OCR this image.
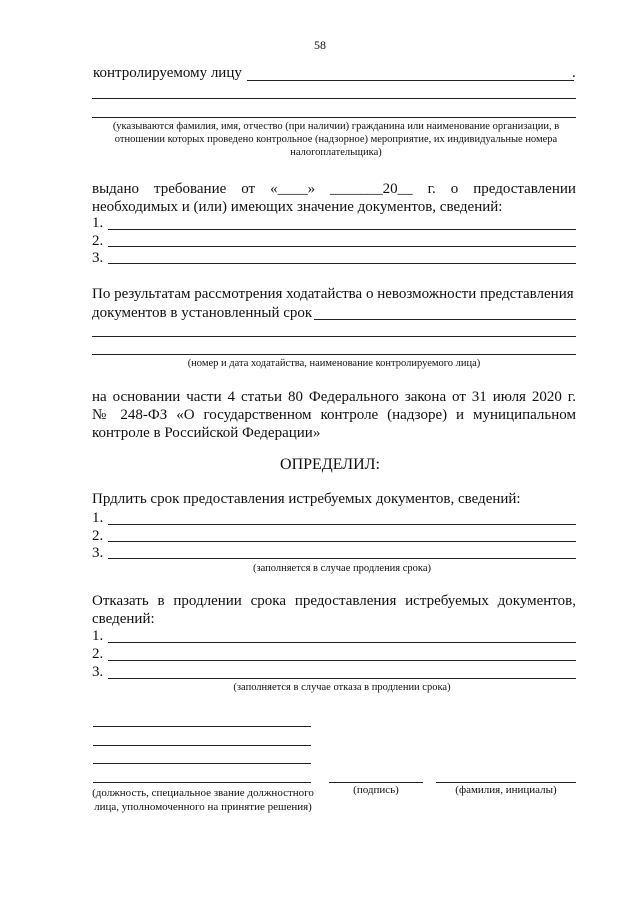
58
контролируемому лицу	.
(указываются фамилия, имя, отчество (при наличии) гражданина или наименование организации, в отношении которых проведено контрольное (надзорное) мероприятие, их индивидуальные номера налогоплательщика)
выдано требование от «____» _______20__ г. о предоставлении
необходимых и (или) имеющих значение документов, сведений:
1.
2.
3.
По результатам рассмотрения ходатайства о невозможности представления
документов в установленный срок
(номер и дата ходатайства, наименование контролируемого лица)
на основании части 4 статьи 80 Федерального закона от 31 июля 2020 г.
№ 248-ФЗ «О государственном контроле (надзоре) и муниципальном
контроле в Российской Федерации»
ОПРЕДЕЛИЛ:
Прдлить срок предоставления истребуемых документов, сведений:
1.
2.
3.
(заполняется в случае продления срока)
Отказать в продлении срока предоставления истребуемых документов,
сведений:
1.
2.
3.
(заполняется в случае отказа в продлении срока)
(должность, специальное звание должностного лица, уполномоченного на принятие решения)
(подпись)	(фамилия, инициалы)
